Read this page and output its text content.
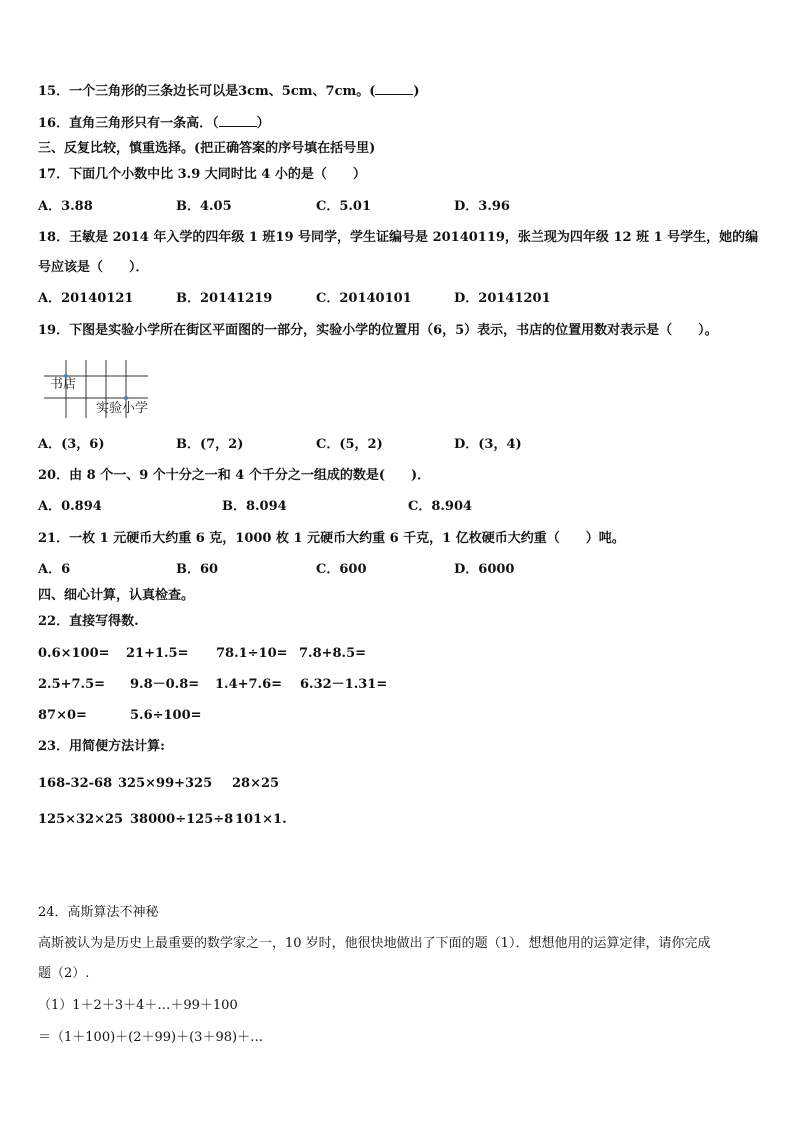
15．一个三角形的三条边长可以是3cm、5cm、7cm。(	)
16．直角三角形只有一条高．（	）
三、反复比较，慎重选择。(把正确答案的序号填在括号里)
17．下面几个小数中比 3.9 大同时比 4 小的是（　　）
A．3.88	B．4.05	C．5.01	D．3.96
18．王敏是 2014 年入学的四年级 1 班19 号同学，学生证编号是 20140119，张兰现为四年级 12 班 1 号学生，她的编
号应该是（　　）．
A．20140121	B．20141219	C．20140101	D．20141201
19．下图是实验小学所在街区平面图的一部分，实验小学的位置用（6，5）表示，书店的位置用数对表示是（　　）。
书店
实验小学
A．(3，6)	B．(7，2)	C．(5，2)	D．(3，4)
20．由 8 个一、9 个十分之一和 4 个千分之一组成的数是(　　)．
A．0.894	B．8.094	C．8.904
21．一枚 1 元硬币大约重 6 克，1000 枚 1 元硬币大约重 6 千克，1 亿枚硬币大约重（　　）吨。
A．6	B．60	C．600	D．6000
四、细心计算，认真检查。
22．直接写得数.
0.6×100= 21+1.5= 78.1÷10= 7.8+8.5=
2.5+7.5= 9.8－0.8= 1.4+7.6= 6.32－1.31=
87×0=	5.6÷100=
23．用简便方法计算:
168-32-68 325×99+325 28×25
125×32×25 38000÷125÷8 101×1.
24．高斯算法不神秘
高斯被认为是历史上最重要的数学家之一，10 岁时，他很快地做出了下面的题（1）．想想他用的运算定律，请你完成
题（2）.
（1）1＋2＋3＋4＋…＋99＋100
＝（1＋100)＋(2＋99)＋(3＋98)＋…
